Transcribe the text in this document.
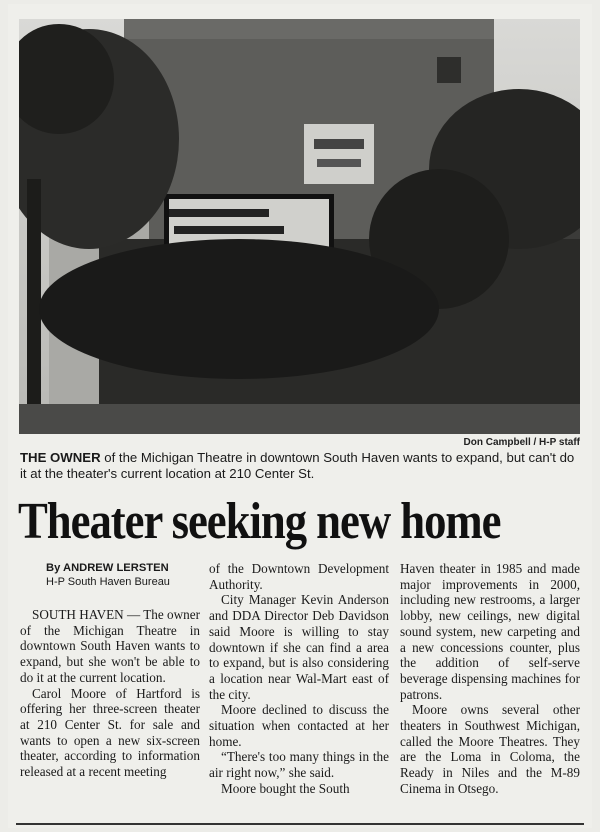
Don Campbell / H-P staff
THE OWNER of the Michigan Theatre in downtown South Haven wants to expand, but can't do it at the theater's current location at 210 Center St.
Theater seeking new home
By ANDREW LERSTEN
H-P South Haven Bureau

SOUTH HAVEN — The owner of the Michigan Theatre in downtown South Haven wants to expand, but she won't be able to do it at the current location.

Carol Moore of Hartford is offering her three-screen theater at 210 Center St. for sale and wants to open a new six-screen theater, according to information released at a recent meeting

of the Downtown Development Authority.

City Manager Kevin Anderson and DDA Director Deb Davidson said Moore is willing to stay downtown if she can find a area to expand, but is also considering a location near Wal-Mart east of the city.

Moore declined to discuss the situation when contacted at her home.

“There's too many things in the air right now,” she said.

Moore bought the South

Haven theater in 1985 and made major improvements in 2000, including new restrooms, a larger lobby, new ceilings, new digital sound system, new carpeting and a new concessions counter, plus the addition of self-serve beverage dispensing machines for patrons.

Moore owns several other theaters in Southwest Michigan, called the Moore Theatres. They are the Loma in Coloma, the Ready in Niles and the M-89 Cinema in Otsego.
